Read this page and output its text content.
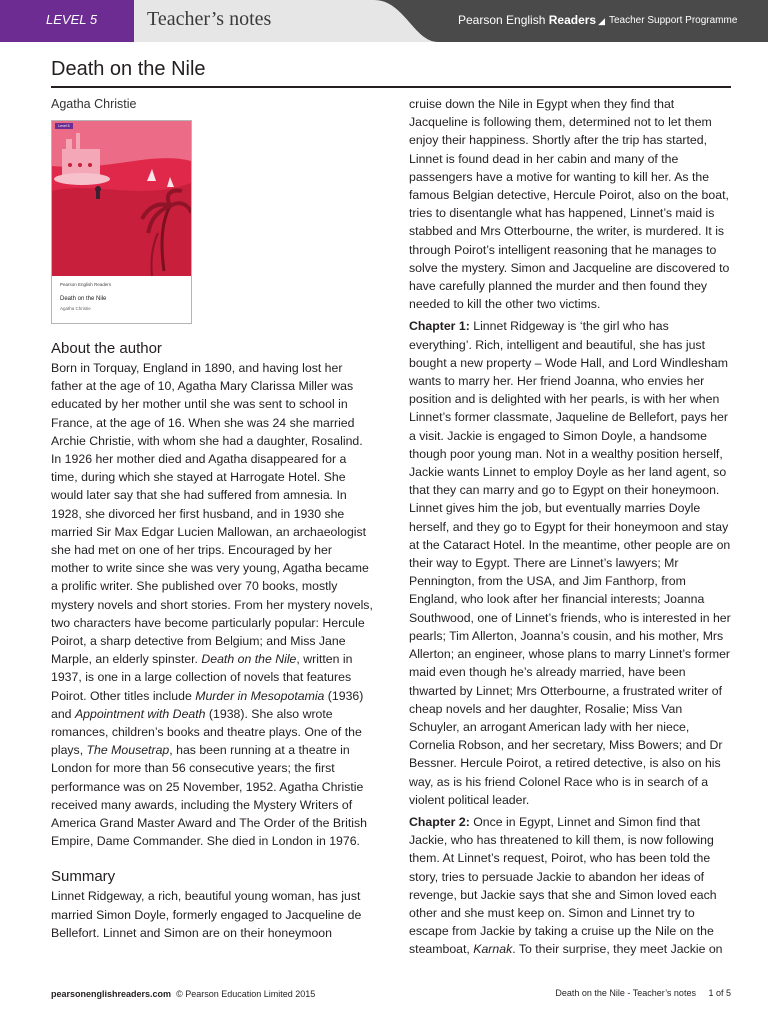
LEVEL 5 Teacher’s notes	Pearson English Readers ◢ Teacher Support Programme
Death on the Nile
Agatha Christie
Level 5
Pearson English Readers
Death on the Nile
Agatha Christie
About the author

Born in Torquay, England in 1890, and having lost her father at the age of 10, Agatha Mary Clarissa Miller was educated by her mother until she was sent to school in France, at the age of 16. When she was 24 she married Archie Christie, with whom she had a daughter, Rosalind. In 1926 her mother died and Agatha disappeared for a time, during which she stayed at Harrogate Hotel. She would later say that she had suffered from amnesia. In 1928, she divorced her first husband, and in 1930 she married Sir Max Edgar Lucien Mallowan, an archaeologist she had met on one of her trips. Encouraged by her mother to write since she was very young, Agatha became a prolific writer. She published over 70 books, mostly mystery novels and short stories. From her mystery novels, two characters have become particularly popular: Hercule Poirot, a sharp detective from Belgium; and Miss Jane Marple, an elderly spinster. Death on the Nile, written in 1937, is one in a large collection of novels that features Poirot. Other titles include Murder in Mesopotamia (1936) and Appointment with Death (1938). She also wrote romances, children’s books and theatre plays. One of the plays, The Mousetrap, has been running at a theatre in London for more than 56 consecutive years; the first performance was on 25 November, 1952. Agatha Christie received many awards, including the Mystery Writers of America Grand Master Award and The Order of the British Empire, Dame Commander. She died in London in 1976.

Summary

Linnet Ridgeway, a rich, beautiful young woman, has just married Simon Doyle, formerly engaged to Jacqueline de Bellefort. Linnet and Simon are on their honeymoon

cruise down the Nile in Egypt when they find that Jacqueline is following them, determined not to let them enjoy their happiness. Shortly after the trip has started, Linnet is found dead in her cabin and many of the passengers have a motive for wanting to kill her. As the famous Belgian detective, Hercule Poirot, also on the boat, tries to disentangle what has happened, Linnet’s maid is stabbed and Mrs Otterbourne, the writer, is murdered. It is through Poirot’s intelligent reasoning that he manages to solve the mystery. Simon and Jacqueline are discovered to have carefully planned the murder and then found they needed to kill the other two victims.

Chapter 1: Linnet Ridgeway is ‘the girl who has everything’. Rich, intelligent and beautiful, she has just bought a new property – Wode Hall, and Lord Windlesham wants to marry her. Her friend Joanna, who envies her position and is delighted with her pearls, is with her when Linnet’s former classmate, Jaqueline de Bellefort, pays her a visit. Jackie is engaged to Simon Doyle, a handsome though poor young man. Not in a wealthy position herself, Jackie wants Linnet to employ Doyle as her land agent, so that they can marry and go to Egypt on their honeymoon. Linnet gives him the job, but eventually marries Doyle herself, and they go to Egypt for their honeymoon and stay at the Cataract Hotel. In the meantime, other people are on their way to Egypt. There are Linnet’s lawyers; Mr Pennington, from the USA, and Jim Fanthorp, from England, who look after her financial interests; Joanna Southwood, one of Linnet’s friends, who is interested in her pearls; Tim Allerton, Joanna’s cousin, and his mother, Mrs Allerton; an engineer, whose plans to marry Linnet’s former maid even though he’s already married, have been thwarted by Linnet; Mrs Otterbourne, a frustrated writer of cheap novels and her daughter, Rosalie; Miss Van Schuyler, an arrogant American lady with her niece, Cornelia Robson, and her secretary, Miss Bowers; and Dr Bessner. Hercule Poirot, a retired detective, is also on his way, as is his friend Colonel Race who is in search of a violent political leader.

Chapter 2: Once in Egypt, Linnet and Simon find that Jackie, who has threatened to kill them, is now following them. At Linnet’s request, Poirot, who has been told the story, tries to persuade Jackie to abandon her ideas of revenge, but Jackie says that she and Simon loved each other and she must keep on. Simon and Linnet try to escape from Jackie by taking a cruise up the Nile on the steamboat, Karnak. To their surprise, they meet Jackie on

pearsonenglishreaders.com © Pearson Education Limited 2015	Death on the Nile - Teacher’s notes 1 of 5
